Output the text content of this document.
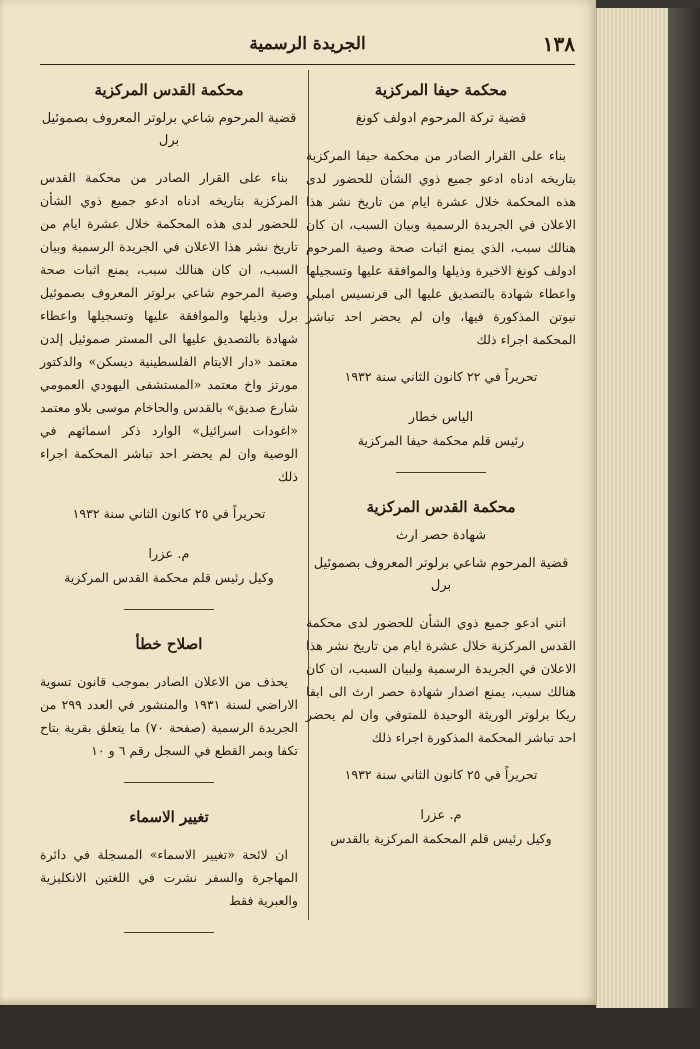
١٣٨
الجريدة الرسمية
محكمة حيفا المركزية
قضية تركة المرحوم ادولف كونغ
بناء على القرار الصادر من محكمة حيفا المركزية بتاريخه ادناه ادعو جميع ذوي الشأن للحضور لدى هذه المحكمة خلال عشرة ايام من تاريخ نشر هذا الاعلان في الجريدة الرسمية وبيان السبب، ان كان هنالك سبب، الذي يمنع اثبات صحة وصية المرحوم ادولف كونغ الاخيرة وذيلها والموافقة عليها وتسجيلها واعطاء شهادة بالتصديق عليها الى فرنسيس امبلي نيوتن المذكورة فيها، وان لم يحضر احد تباشر المحكمة اجراء ذلك
تحريراً في ٢٢ كانون الثاني سنة ١٩٣٢
الياس خطار
رئيس قلم محكمة حيفا المركزية
محكمة القدس المركزية
شهادة حصر ارث
قضية المرحوم شاعي برلوتر المعروف بصموئيل برل
انني ادعو جميع ذوي الشأن للحضور لدى محكمة القدس المركزية خلال عشرة ايام من تاريخ نشر هذا الاعلان في الجريدة الرسمية ولبيان السبب، ان كان هنالك سبب، يمنع اصدار شهادة حصر ارث الى ابفا ريكا برلوتر الوريثة الوحيدة للمتوفي وان لم يحضر احد تباشر المحكمة المذكورة اجراء ذلك
تحريراً في ٢٥ كانون الثاني سنة ١٩٣٢
م. عزرا
وكيل رئيس قلم المحكمة المركزية بالقدس
محكمة القدس المركزية
قضية المرحوم شاعي برلوتر المعروف بصموئيل برل
بناء على القرار الصادر من محكمة القدس المركزية بتاريخه ادناه ادعو جميع ذوي الشأن للحضور لدى هذه المحكمة خلال عشرة ايام من تاريخ نشر هذا الاعلان في الجريدة الرسمية وبيان السبب، ان كان هنالك سبب، يمنع اثبات صحة وصية المرحوم شاعي برلوتر المعروف بصموئيل برل وذيلها والموافقة عليها وتسجيلها واعطاء شهادة بالتصديق عليها الى المستر صموئيل إلدن معتمد «دار الايتام الفلسطينية ديسكن» والدكتور مورتز واخ معتمد «المستشفى اليهودي العمومي شارع صديق» بالقدس والحاخام موسى بلاو معتمد «اغودات اسرائيل» الوارد ذكر اسمائهم في الوصية وان لم يحضر احد تباشر المحكمة اجراء ذلك
تحريراً في ٢٥ كانون الثاني سنة ١٩٣٢
م. عزرا
وكيل رئيس قلم محكمة القدس المركزية
اصلاح خطأ
يحذف من الاعلان الصادر بموجب قانون تسوية الاراضي لسنة ١٩٣١ والمنشور في العدد ٢٩٩ من الجريدة الرسمية (صفحة ٧٠) ما يتعلق بقرية بتاح تكفا وبمر القطع في السجل رقم ٦ و ١٠
تغيير الاسماء
ان لائحة «تغيير الاسماء» المسجلة في دائرة المهاجرة والسفر نشرت في اللغتين الانكليزية والعبرية فقط
